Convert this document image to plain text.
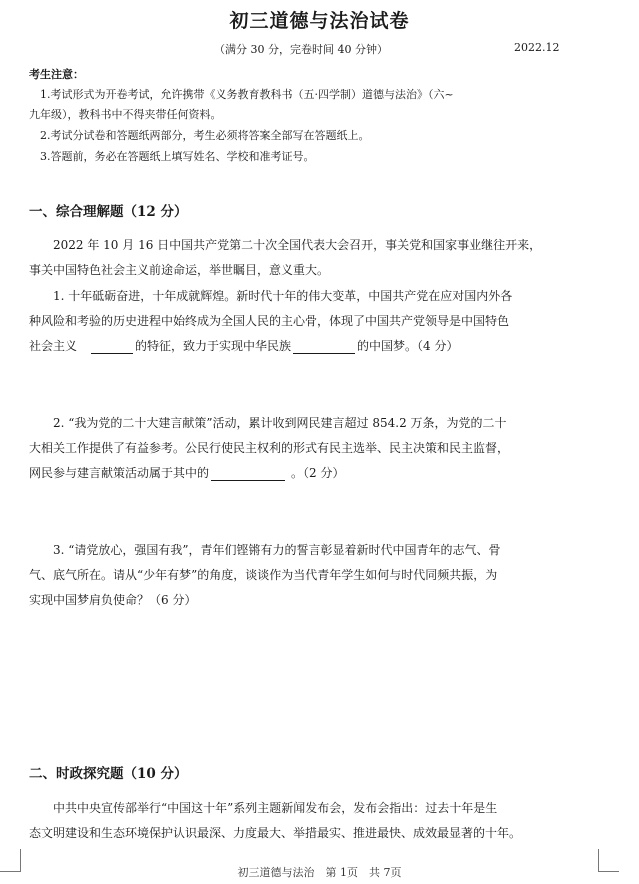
初三道德与法治试卷
（满分 30 分，完卷时间 40 分钟）	2022.12
考生注意：
1.考试形式为开卷考试，允许携带《义务教育教科书（五·四学制）道德与法治》（六~
九年级），教科书中不得夹带任何资料。
2.考试分试卷和答题纸两部分，考生必须将答案全部写在答题纸上。
3.答题前，务必在答题纸上填写姓名、学校和准考证号。
一、综合理解题（12 分）
2022 年 10 月 16 日中国共产党第二十次全国代表大会召开，事关党和国家事业继往开来，
事关中国特色社会主义前途命运，举世瞩目，意义重大。
1. 十年砥砺奋进，十年成就辉煌。新时代十年的伟大变革，中国共产党在应对国内外各
种风险和考验的历史进程中始终成为全国人民的主心骨，体现了中国共产党领导是中国特色
社会主义	的特征，致力于实现中华民族	的中国梦。（4 分）
2. “我为党的二十大建言献策”活动，累计收到网民建言超过 854.2 万条，为党的二十
大相关工作提供了有益参考。公民行使民主权利的形式有民主选举、民主决策和民主监督，
网民参与建言献策活动属于其中的	。（2 分）
3. “请党放心，强国有我”，青年们铿锵有力的誓言彰显着新时代中国青年的志气、骨
气、底气所在。请从“少年有梦”的角度，谈谈作为当代青年学生如何与时代同频共振，为
实现中国梦肩负使命？（6 分）
二、时政探究题（10 分）
中共中央宣传部举行“中国这十年”系列主题新闻发布会，发布会指出：过去十年是生
态文明建设和生态环境保护认识最深、力度最大、举措最实、推进最快、成效最显著的十年。
初三道德与法治　第 1页　共 7页
